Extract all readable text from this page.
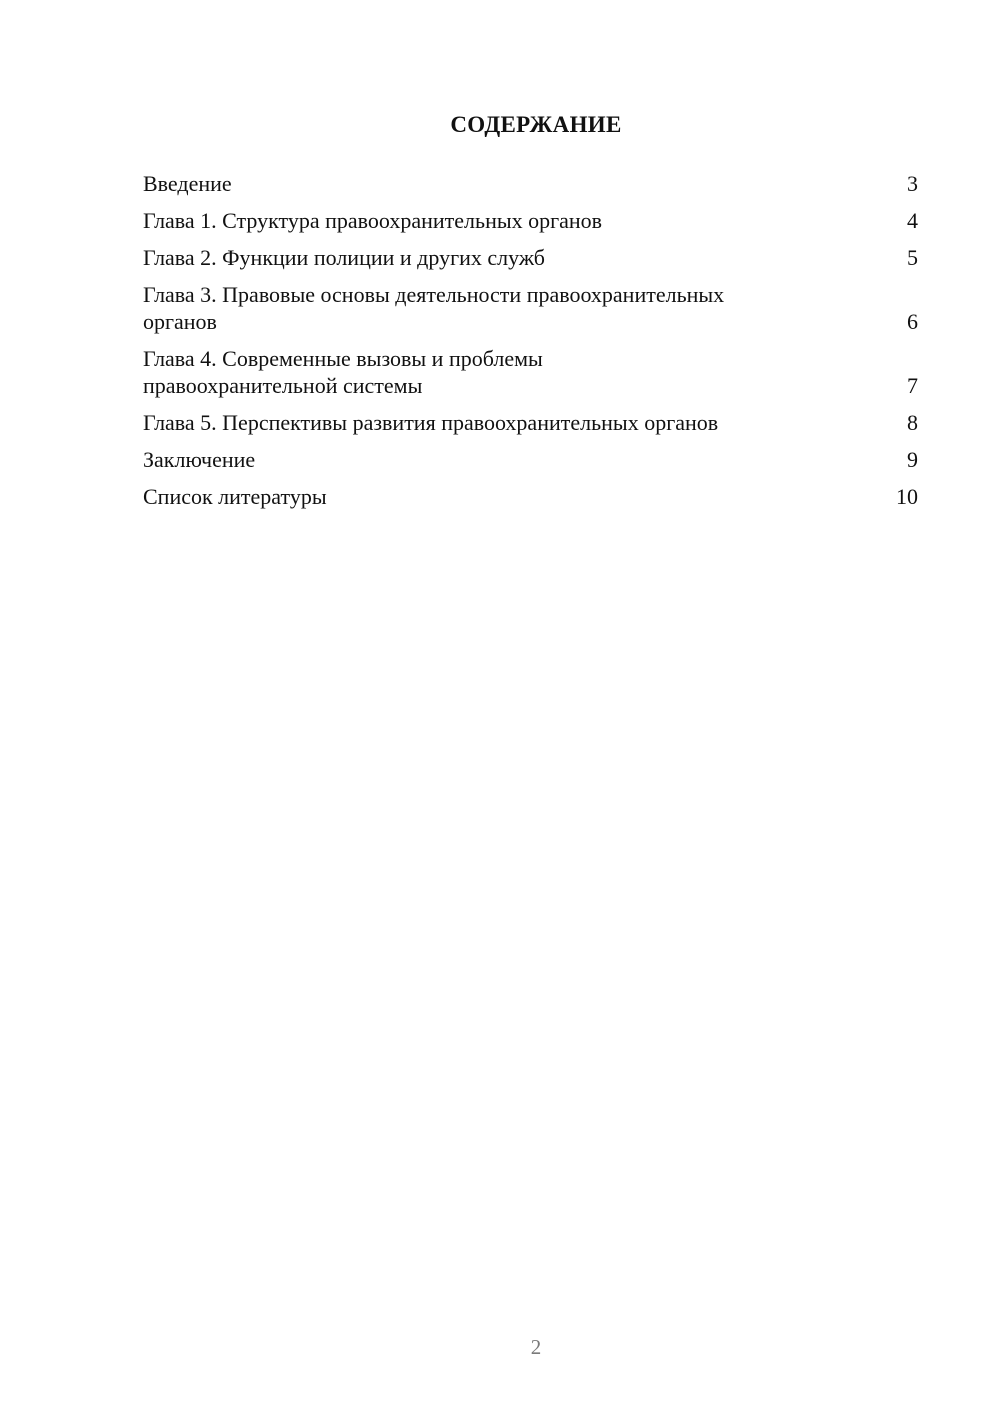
СОДЕРЖАНИЕ
Введение	3
Глава 1. Структура правоохранительных органов	4
Глава 2. Функции полиции и других служб	5
Глава 3. Правовые основы деятельности правоохранительных
органов	6
Глава 4. Современные вызовы и проблемы
правоохранительной системы	7
Глава 5. Перспективы развития правоохранительных органов	8
Заключение	9
Список литературы	10
2
